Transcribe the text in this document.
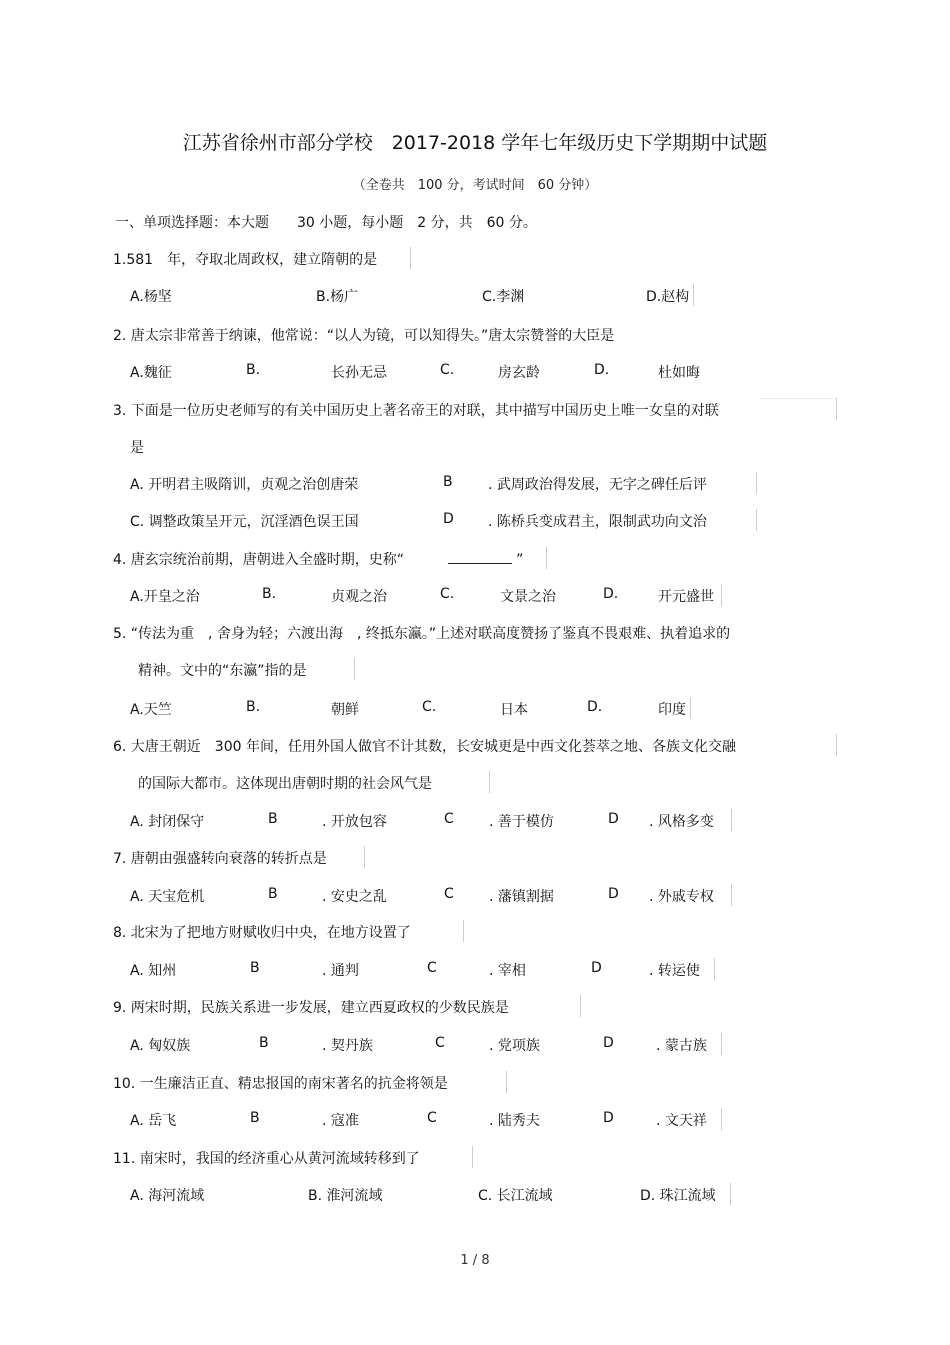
江苏省徐州市部分学校　2017-2018 学年七年级历史下学期期中试题
（全卷共　100 分，考试时间　60 分钟）
一、单项选择题：本大题　　30 小题，每小题　2 分，共　60 分。
1.581　年，夺取北周政权，建立隋朝的是
A.杨坚	B.杨广	C.李渊	D.赵构
2. 唐太宗非常善于纳谏，他常说：“以人为镜，可以知得失。”唐太宗赞誉的大臣是
A.魏征	B.	长孙无忌	C.	房玄龄	D.	杜如晦
3. 下面是一位历史老师写的有关中国历史上著名帝王的对联，其中描写中国历史上唯一女皇的对联
是
A. 开明君主吸隋训，贞观之治创唐荣	B	. 武周政治得发展，无字之碑任后评
C. 调整政策呈开元，沉淫酒色误王国	D . 陈桥兵变成君主，限制武功向文治
4. 唐玄宗统治前期，唐朝进入全盛时期，史称“	”
A.开皇之治	B.	贞观之治	C.	文景之治	D.	开元盛世
5. “传法为重　, 舍身为轻；六渡出海　, 终抵东瀛。”上述对联高度赞扬了鉴真不畏艰难、执着追求的
精神。文中的“东瀛”指的是
A.天竺	B.	朝鲜	C.	日本	D.	印度
6. 大唐王朝近　300 年间，任用外国人做官不计其数，长安城更是中西文化荟萃之地、各族文化交融
的国际大都市。这体现出唐朝时期的社会风气是
A. 封闭保守	B	. 开放包容	C	. 善于模仿	D . 风格多变
7. 唐朝由强盛转向衰落的转折点是
A. 天宝危机	B	. 安史之乱	C	. 藩镇割据	D . 外戚专权
8. 北宋为了把地方财赋收归中央，在地方设置了
A. 知州	B	. 通判	C	. 宰相	D	. 转运使
9. 两宋时期，民族关系进一步发展，建立西夏政权的少数民族是
A. 匈奴族	B	. 契丹族	C	. 党项族	D	. 蒙古族
10. 一生廉洁正直、精忠报国的南宋著名的抗金将领是
A. 岳飞	B	. 寇准	C	. 陆秀夫	D	. 文天祥
11. 南宋时，我国的经济重心从黄河流域转移到了
A. 海河流域	B. 淮河流域	C. 长江流域	D. 珠江流域
1 / 8
